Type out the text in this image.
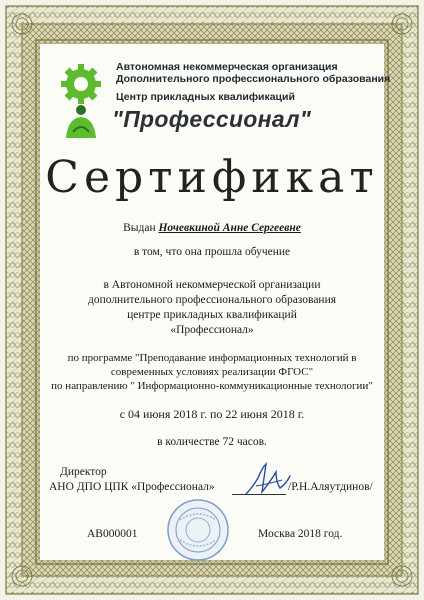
Автономная некоммерческая организация
Дополнительного профессионального образования
Центр прикладных квалификаций
"Профессионал"
Сертификат
Выдан Ночевкиной Анне Сергеевне
в том, что она прошла обучение
в Автономной некоммерческой организации
дополнительного профессионального образования
центре прикладных квалификаций
«Профессионал»
по программе "Преподавание информационных технологий в
современных условиях реализации ФГОС"
по направлению " Информационно-коммуникационные технологии"
с 04 июня 2018 г. по 22 июня 2018 г.
в количестве 72 часов.
Директор
АНО ДПО ЦПК «Профессионал»	/Р.Н.Аляутдинов/
АВ000001	Москва 2018 год.
